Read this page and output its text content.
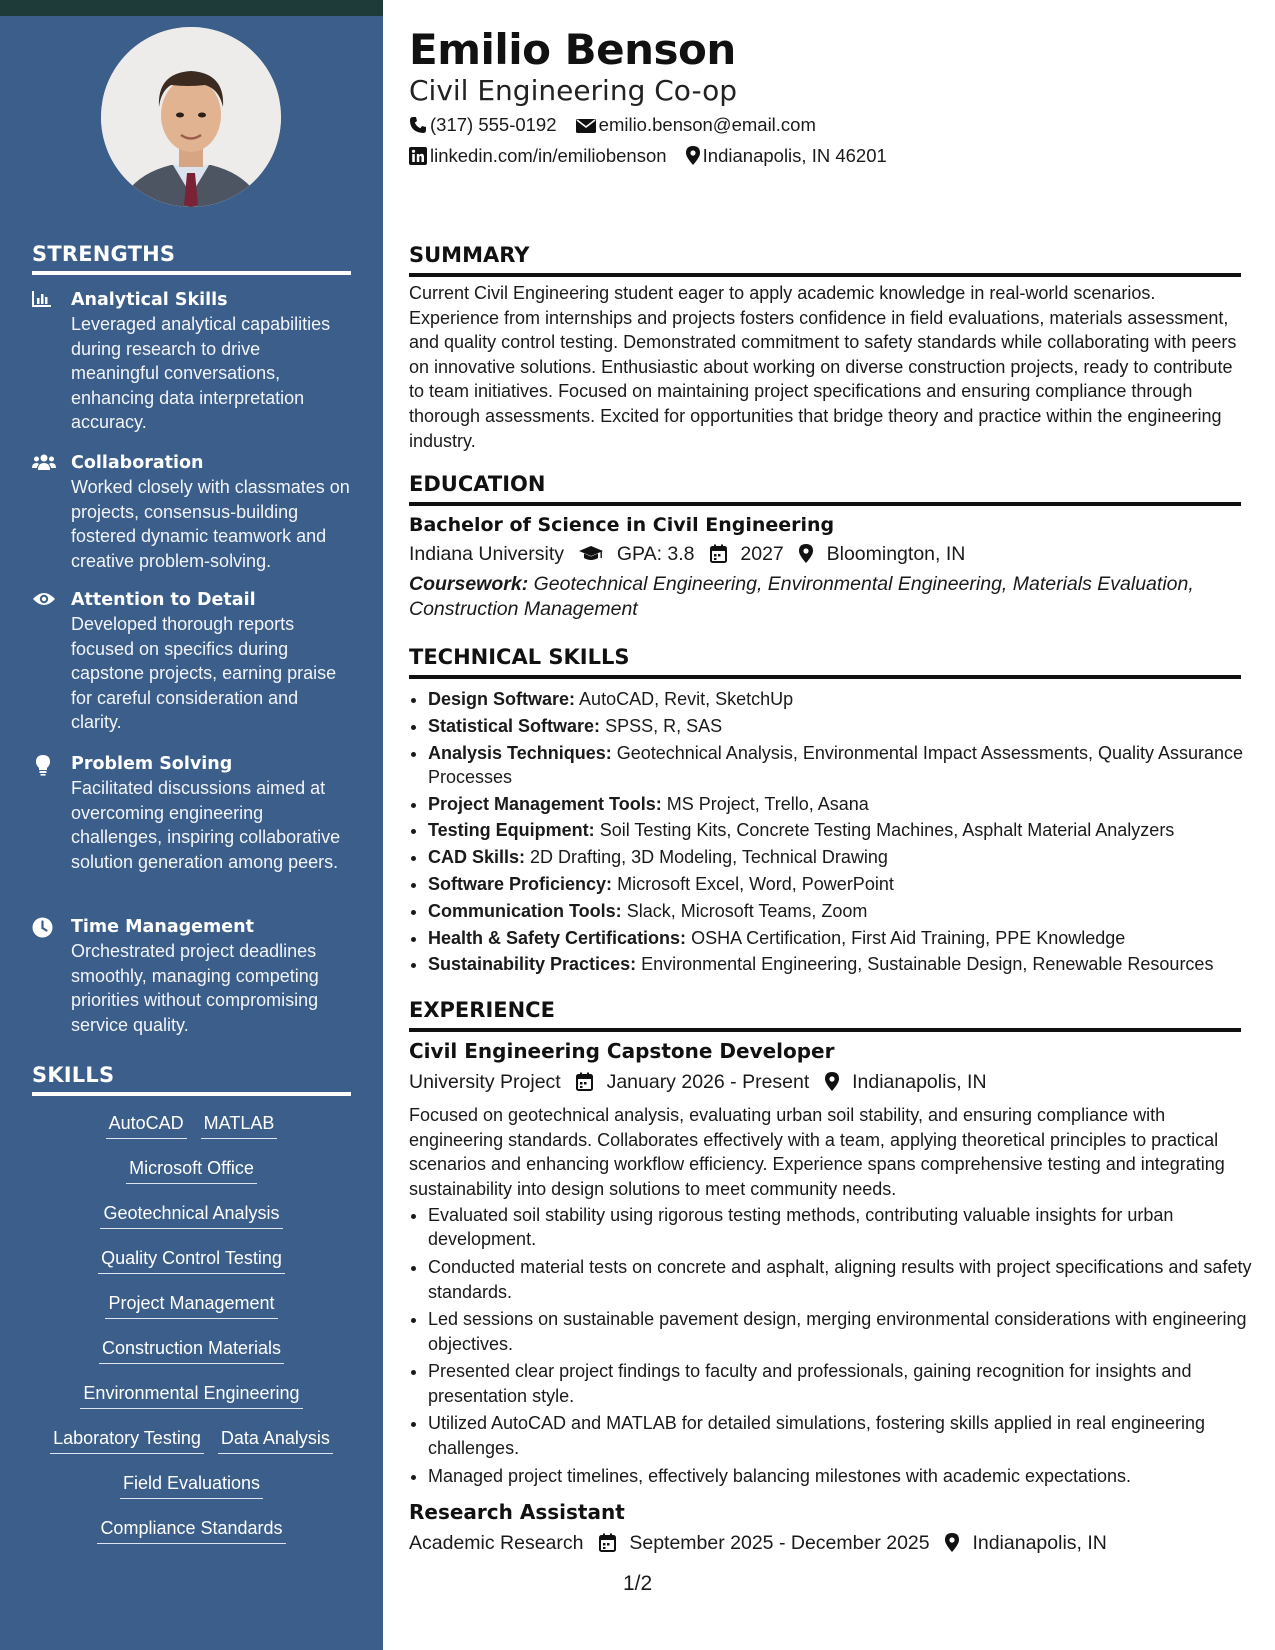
STRENGTHS
Analytical Skills
Leveraged analytical capabilities during research to drive meaningful conversations, enhancing data interpretation accuracy.
Collaboration
Worked closely with classmates on projects, consensus-building fostered dynamic teamwork and creative problem-solving.
Attention to Detail
Developed thorough reports focused on specifics during capstone projects, earning praise for careful consideration and clarity.
Problem Solving
Facilitated discussions aimed at overcoming engineering challenges, inspiring collaborative solution generation among peers.
Time Management
Orchestrated project deadlines smoothly, managing competing priorities without compromising service quality.
SKILLS
AutoCAD MATLAB
Microsoft Office
Geotechnical Analysis
Quality Control Testing
Project Management
Construction Materials
Environmental Engineering
Laboratory Testing Data Analysis
Field Evaluations
Compliance Standards
Emilio Benson
Civil Engineering Co-op
(317) 555-0192 emilio.benson@email.com
linkedin.com/in/emiliobenson Indianapolis, IN 46201
SUMMARY
Current Civil Engineering student eager to apply academic knowledge in real-world scenarios. Experience from internships and projects fosters confidence in field evaluations, materials assessment, and quality control testing. Demonstrated commitment to safety standards while collaborating with peers on innovative solutions. Enthusiastic about working on diverse construction projects, ready to contribute to team initiatives. Focused on maintaining project specifications and ensuring compliance through thorough assessments. Excited for opportunities that bridge theory and practice within the engineering industry.
EDUCATION
Bachelor of Science in Civil Engineering
Indiana University	GPA: 3.8 2027 Bloomington, IN
Coursework: Geotechnical Engineering, Environmental Engineering, Materials Evaluation, Construction Management
TECHNICAL SKILLS
• Design Software: AutoCAD, Revit, SketchUp
• Statistical Software: SPSS, R, SAS
• Analysis Techniques: Geotechnical Analysis, Environmental Impact Assessments, Quality Assurance Processes
• Project Management Tools: MS Project, Trello, Asana
• Testing Equipment: Soil Testing Kits, Concrete Testing Machines, Asphalt Material Analyzers
• CAD Skills: 2D Drafting, 3D Modeling, Technical Drawing
• Software Proficiency: Microsoft Excel, Word, PowerPoint
• Communication Tools: Slack, Microsoft Teams, Zoom
• Health & Safety Certifications: OSHA Certification, First Aid Training, PPE Knowledge
• Sustainability Practices: Environmental Engineering, Sustainable Design, Renewable Resources
EXPERIENCE
Civil Engineering Capstone Developer
University Project January 2026 - Present Indianapolis, IN
Focused on geotechnical analysis, evaluating urban soil stability, and ensuring compliance with engineering standards. Collaborates effectively with a team, applying theoretical principles to practical scenarios and enhancing workflow efficiency. Experience spans comprehensive testing and integrating sustainability into design solutions to meet community needs.
• Evaluated soil stability using rigorous testing methods, contributing valuable insights for urban development.
• Conducted material tests on concrete and asphalt, aligning results with project specifications and safety standards.
• Led sessions on sustainable pavement design, merging environmental considerations with engineering objectives.
• Presented clear project findings to faculty and professionals, gaining recognition for insights and presentation style.
• Utilized AutoCAD and MATLAB for detailed simulations, fostering skills applied in real engineering challenges.
• Managed project timelines, effectively balancing milestones with academic expectations.
Research Assistant
Academic Research September 2025 - December 2025 Indianapolis, IN
1/2
